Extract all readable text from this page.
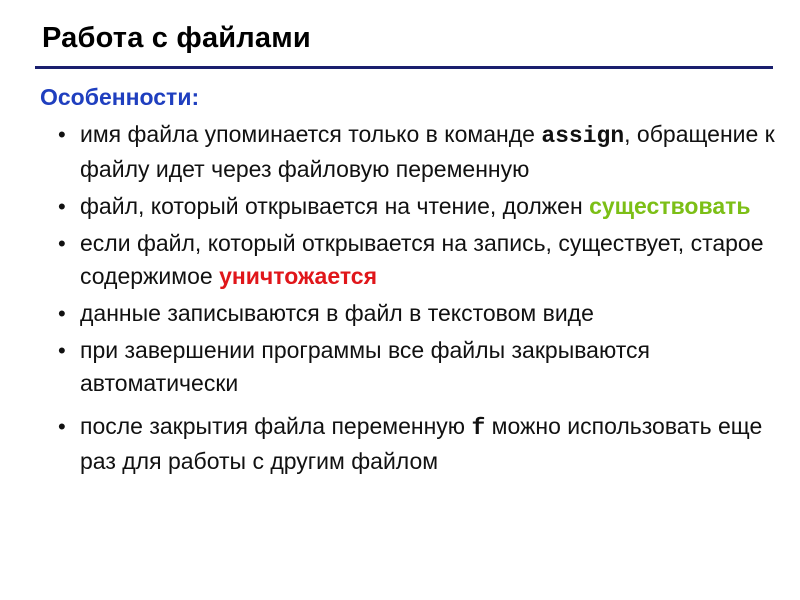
Работа с файлами
Особенности:
• имя файла упоминается только в команде assign, обращение к файлу идет через файловую переменную
• файл, который открывается на чтение, должен существовать
• если файл, который открывается на запись, существует, старое содержимое уничтожается
• данные записываются в файл в текстовом виде
• при завершении программы все файлы закрываются автоматически
• после закрытия файла переменную f можно использовать еще раз для работы с другим файлом
